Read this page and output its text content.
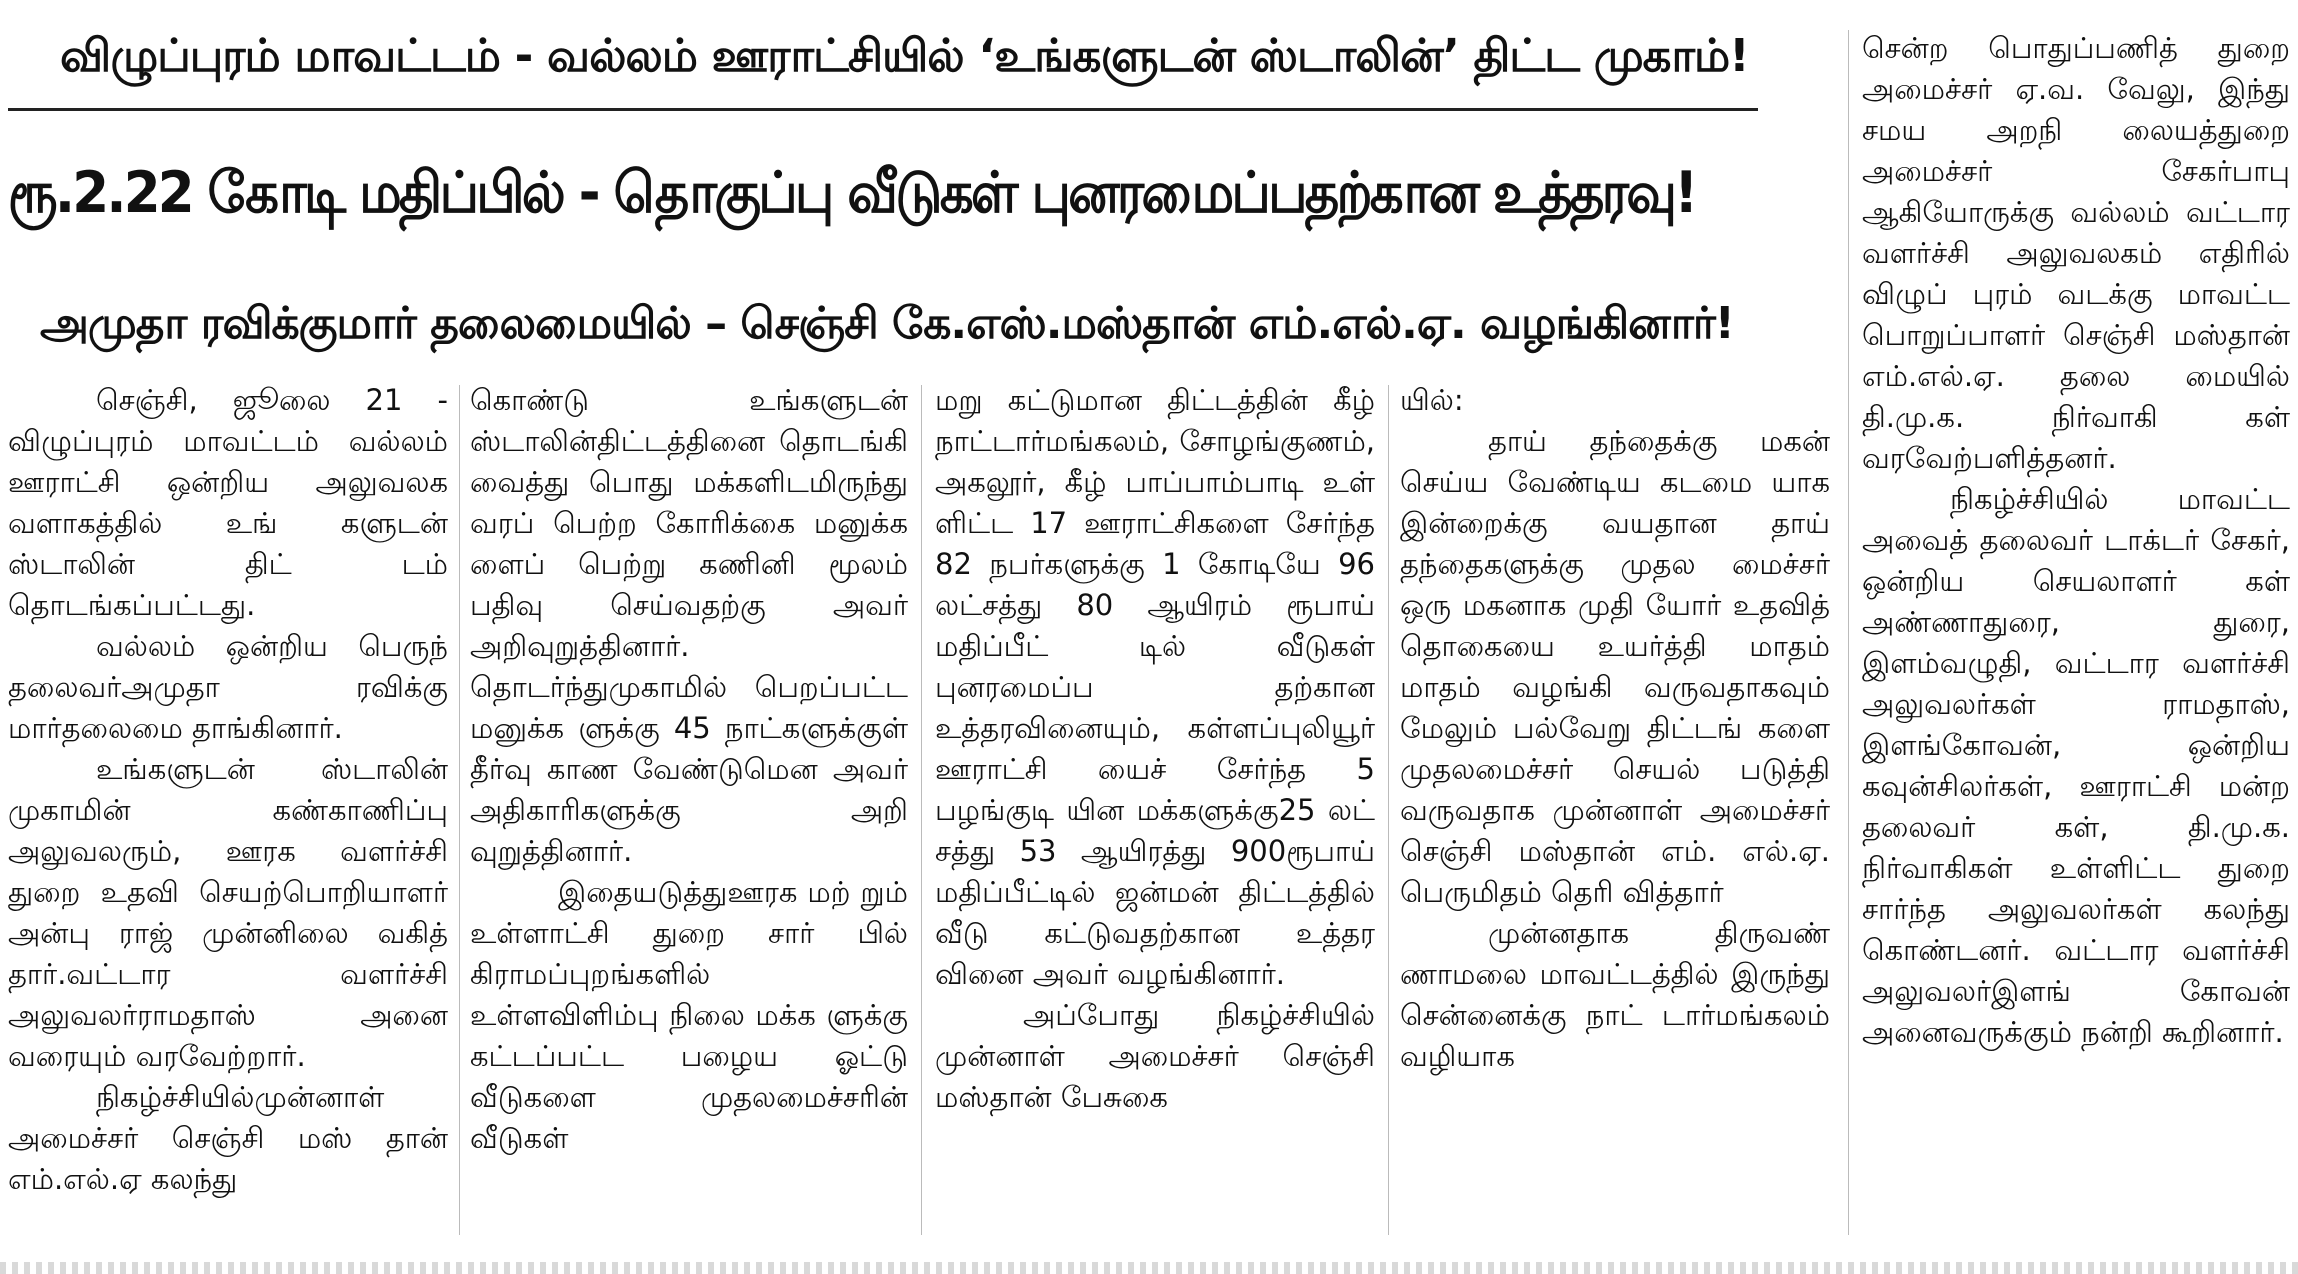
விழுப்புரம் மாவட்டம் - வல்லம் ஊராட்சியில் ‘உங்களுடன் ஸ்டாலின்’ திட்ட முகாம்!
ரூ.2.22 கோடி மதிப்பில் - தொகுப்பு வீடுகள் புனரமைப்பதற்கான உத்தரவு!
அமுதா ரவிக்குமார் தலைமையில் – செஞ்சி கே.எஸ்.மஸ்தான் எம்.எல்.ஏ. வழங்கினார்!

செஞ்சி, ஜூலை 21 - விழுப்புரம் மாவட்டம் வல்லம் ஊராட்சி ஒன்றிய அலுவலக வளாகத்தில் உங் களுடன் ஸ்டாலின் திட் டம் தொடங்கப்பட்டது.

வல்லம் ஒன்றிய பெருந் தலைவர்அமுதா ரவிக்கு மார்தலைமை தாங்கினார்.

உங்களுடன் ஸ்டாலின் முகாமின் கண்காணிப்பு அலுவலரும், ஊரக வளர்ச்சி துறை உதவி செயற்பொறியாளர் அன்பு ராஜ் முன்னிலை வகித் தார்.வட்டார வளர்ச்சி அலுவலர்ராமதாஸ் அனை வரையும் வரவேற்றார்.

நிகழ்ச்சியில்முன்னாள் அமைச்சர் செஞ்சி மஸ் தான் எம்.எல்.ஏ கலந்து

கொண்டு உங்களுடன் ஸ்டாலின்திட்டத்தினை தொடங்கி வைத்து பொது மக்களிடமிருந்து வரப் பெற்ற கோரிக்கை மனுக்க ளைப் பெற்று கணினி மூலம் பதிவு செய்வதற்கு அவர் அறிவுறுத்தினார். தொடர்ந்துமுகாமில் பெறப்பட்ட மனுக்க ளுக்கு 45 நாட்களுக்குள் தீர்வு காண வேண்டுமென அவர் அதிகாரிகளுக்கு அறி வுறுத்தினார்.

இதையடுத்துஊரக மற் றும் உள்ளாட்சி துறை சார் பில் கிராமப்புறங்களில் உள்ளவிளிம்பு நிலை மக்க ளுக்கு கட்டப்பட்ட பழைய ஓட்டு வீடுகளை முதலமைச்சரின் வீடுகள்

மறு கட்டுமான திட்டத்தின் கீழ் நாட்டார்மங்கலம், சோழங்குணம், அகலூர், கீழ் பாப்பாம்பாடி உள் ளிட்ட 17 ஊராட்சிகளை சேர்ந்த 82 நபர்களுக்கு 1 கோடியே 96 லட்சத்து 80 ஆயிரம் ரூபாய் மதிப்பீட் டில் வீடுகள் புனரமைப்ப தற்கான உத்தரவினையும், கள்ளப்புலியூர் ஊராட்சி யைச் சேர்ந்த 5 பழங்குடி யின மக்களுக்கு25 லட் சத்து 53 ஆயிரத்து 900ரூபாய் மதிப்பீட்டில் ஜன்மன் திட்டத்தில் வீடு கட்டுவதற்கான உத்தர வினை அவர் வழங்கினார்.

அப்போது நிகழ்ச்சியில் முன்னாள் அமைச்சர் செஞ்சி மஸ்தான் பேசுகை

யில்:

தாய் தந்தைக்கு மகன் செய்ய வேண்டிய கடமை யாக இன்றைக்கு வயதான தாய் தந்தைகளுக்கு முதல மைச்சர் ஒரு மகனாக முதி யோர் உதவித் தொகையை உயர்த்தி மாதம் மாதம் வழங்கி வருவதாகவும் மேலும் பல்வேறு திட்டங் களை முதலமைச்சர் செயல் படுத்தி வருவதாக முன்னாள் அமைச்சர் செஞ்சி மஸ்தான் எம். எல்.ஏ. பெருமிதம் தெரி வித்தார்

முன்னதாக திருவண் ணாமலை மாவட்டத்தில் இருந்து சென்னைக்கு நாட் டார்மங்கலம் வழியாக

சென்ற பொதுப்பணித் துறை அமைச்சர் ஏ.வ. வேலு, இந்து சமய அறநி லையத்துறை அமைச்சர் சேகர்பாபு ஆகியோருக்கு வல்லம் வட்டார வளர்ச்சி அலுவலகம் எதிரில் விழுப் புரம் வடக்கு மாவட்ட பொறுப்பாளர் செஞ்சி மஸ்தான் எம்.எல்.ஏ. தலை மையில் தி.மு.க. நிர்வாகி கள் வரவேற்பளித்தனர்.

நிகழ்ச்சியில் மாவட்ட அவைத் தலைவர் டாக்டர் சேகர், ஒன்றிய செயலாளர் கள் அண்ணாதுரை, துரை, இளம்வழுதி, வட்டார வளர்ச்சி அலுவலர்கள் ராமதாஸ், இளங்கோவன், ஒன்றிய கவுன்சிலர்கள், ஊராட்சி மன்ற தலைவர் கள், தி.மு.க. நிர்வாகிகள் உள்ளிட்ட துறை சார்ந்த அலுவலர்கள் கலந்து கொண்டனர். வட்டார வளர்ச்சி அலுவலர்இளங் கோவன் அனைவருக்கும் நன்றி கூறினார்.
